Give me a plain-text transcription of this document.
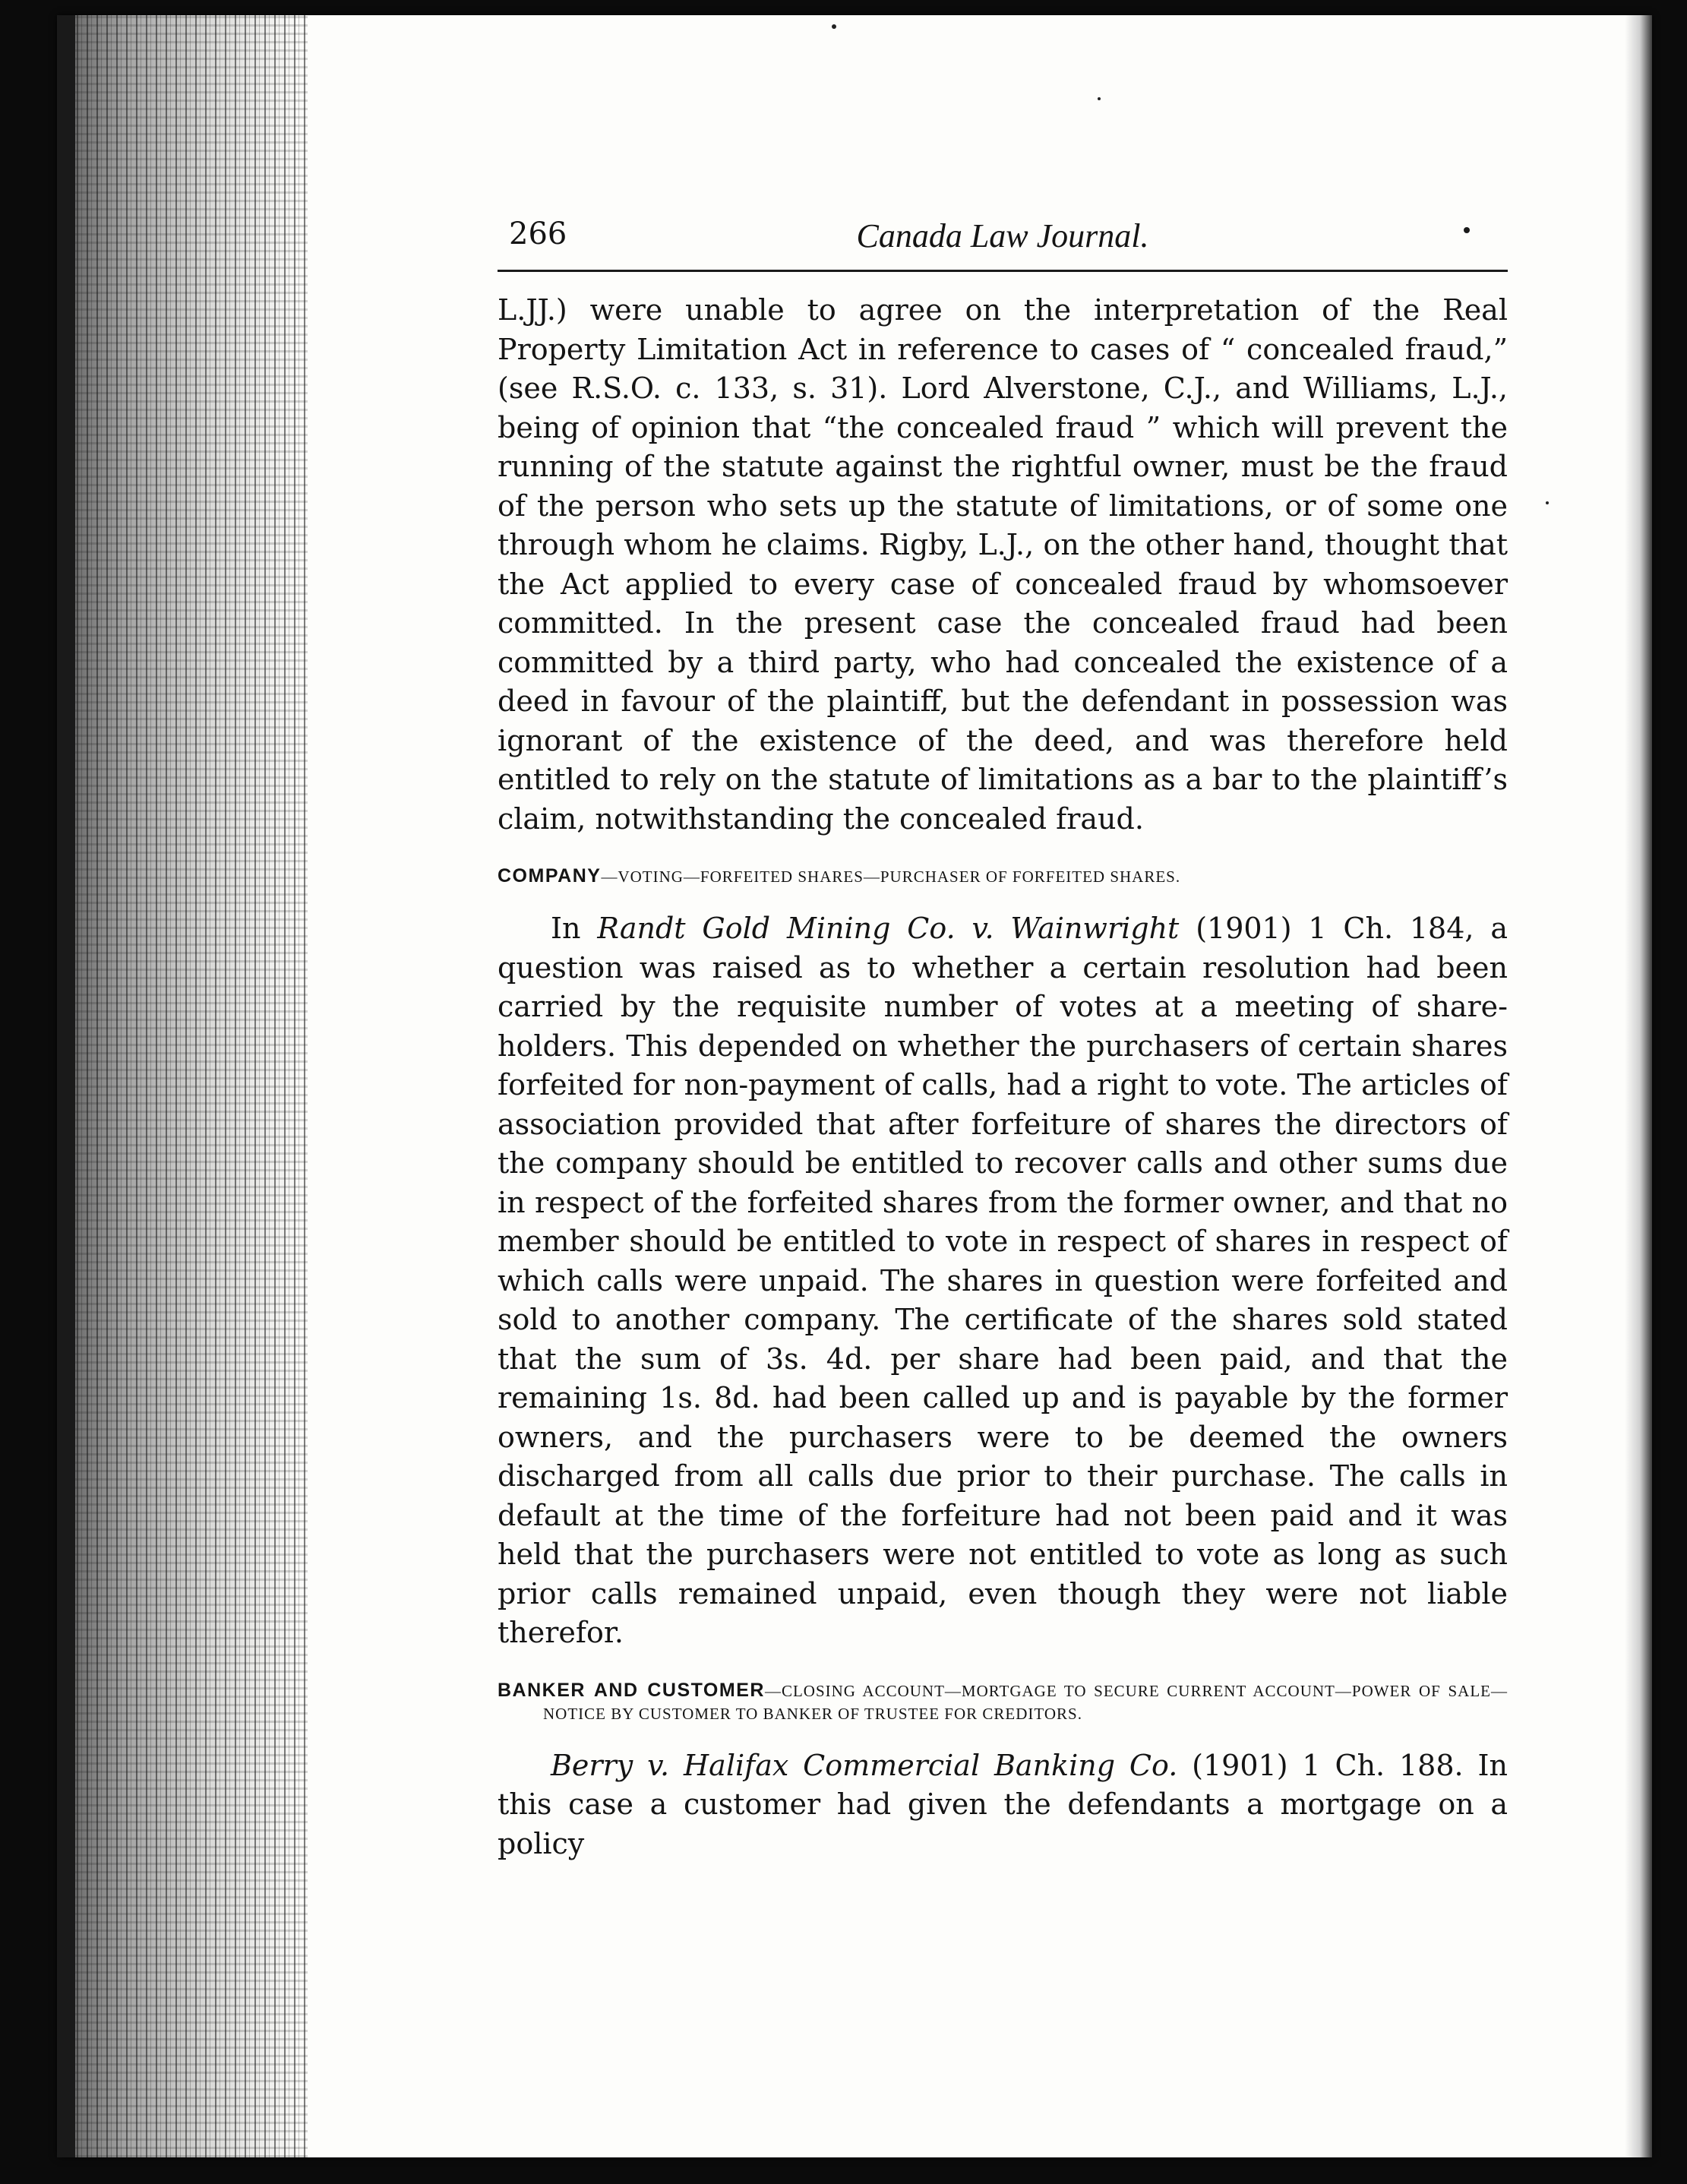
266	Canada Law Journal.

L.JJ.) were unable to agree on the interpretation of the Real Property Limitation Act in reference to cases of “ concealed fraud,” (see R.S.O. c. 133, s. 31). Lord Alverstone, C.J., and Williams, L.J., being of opinion that “the concealed fraud ” which will prevent the running of the statute against the rightful owner, must be the fraud of the person who sets up the statute of limitations, or of some one through whom he claims. Rigby, L.J., on the other hand, thought that the Act applied to every case of concealed fraud by whomsoever committed. In the present case the concealed fraud had been committed by a third party, who had concealed the existence of a deed in favour of the plaintiff, but the defendant in possession was ignorant of the existence of the deed, and was therefore held entitled to rely on the statute of limitations as a bar to the plaintiff’s claim, notwithstanding the concealed fraud.

COMPANY—VOTING—FORFEITED SHARES—PURCHASER OF FORFEITED SHARES.

In Randt Gold Mining Co. v. Wainwright (1901) 1 Ch. 184, a question was raised as to whether a certain resolution had been carried by the requisite number of votes at a meeting of share-holders. This depended on whether the purchasers of certain shares forfeited for non-payment of calls, had a right to vote. The articles of association provided that after forfeiture of shares the directors of the company should be entitled to recover calls and other sums due in respect of the forfeited shares from the former owner, and that no member should be entitled to vote in respect of shares in respect of which calls were unpaid. The shares in question were forfeited and sold to another company. The certificate of the shares sold stated that the sum of 3s. 4d. per share had been paid, and that the remaining 1s. 8d. had been called up and is payable by the former owners, and the purchasers were to be deemed the owners discharged from all calls due prior to their purchase. The calls in default at the time of the forfeiture had not been paid and it was held that the purchasers were not entitled to vote as long as such prior calls remained unpaid, even though they were not liable therefor.

BANKER AND CUSTOMER—CLOSING ACCOUNT—MORTGAGE TO SECURE CURRENT ACCOUNT—POWER OF SALE—NOTICE BY CUSTOMER TO BANKER OF TRUSTEE FOR CREDITORS.

Berry v. Halifax Commercial Banking Co. (1901) 1 Ch. 188. In this case a customer had given the defendants a mortgage on a policy
